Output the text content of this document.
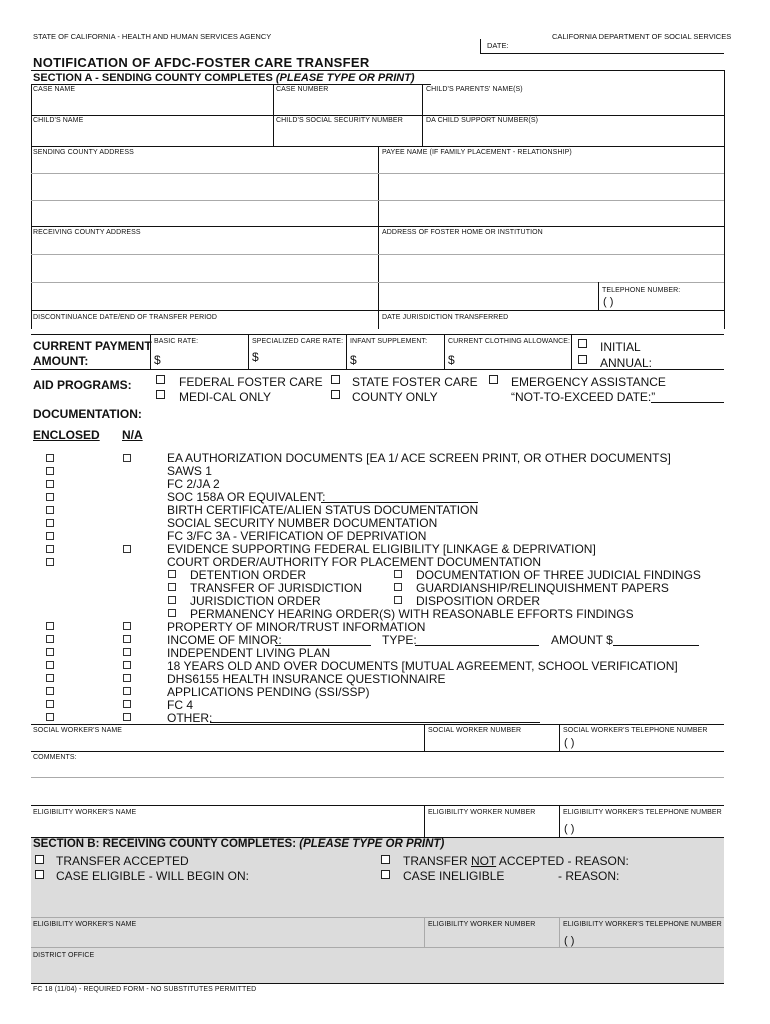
STATE OF CALIFORNIA - HEALTH AND HUMAN SERVICES AGENCY	CALIFORNIA DEPARTMENT OF SOCIAL SERVICES
DATE:
NOTIFICATION OF AFDC-FOSTER CARE TRANSFER
SECTION A - SENDING COUNTY COMPLETES (PLEASE TYPE OR PRINT)
CASE NAME	CASE NUMBER	CHILD'S PARENTS' NAME(S)
CHILD'S NAME	CHILD'S SOCIAL SECURITY NUMBER	DA CHILD SUPPORT NUMBER(S)
SENDING COUNTY ADDRESS	PAYEE NAME (IF FAMILY PLACEMENT - RELATIONSHIP)
RECEIVING COUNTY ADDRESS	ADDRESS OF FOSTER HOME OR INSTITUTION
TELEPHONE NUMBER:
( )
DISCONTINUANCE DATE/END OF TRANSFER PERIOD	DATE JURISDICTION TRANSFERRED
CURRENT PAYMENT
AMOUNT:
BASIC RATE:
$
SPECIALIZED CARE RATE:
$
INFANT SUPPLEMENT:
$
CURRENT CLOTHING ALLOWANCE:
$
INITIAL
ANNUAL:
AID PROGRAMS:	FEDERAL FOSTER CARE STATE FOSTER CARE	EMERGENCY ASSISTANCE
MEDI-CAL ONLY	COUNTY ONLY	“NOT-TO-EXCEED DATE:”
DOCUMENTATION:
ENCLOSED N/A
EA AUTHORIZATION DOCUMENTS [EA 1/ ACE SCREEN PRINT, OR OTHER DOCUMENTS]
SAWS 1
FC 2/JA 2
SOC 158A OR EQUIVALENT:
BIRTH CERTIFICATE/ALIEN STATUS DOCUMENTATION
SOCIAL SECURITY NUMBER DOCUMENTATION
FC 3/FC 3A - VERIFICATION OF DEPRIVATION
EVIDENCE SUPPORTING FEDERAL ELIGIBILITY [LINKAGE & DEPRIVATION]
COURT ORDER/AUTHORITY FOR PLACEMENT DOCUMENTATION
DETENTION ORDER	DOCUMENTATION OF THREE JUDICIAL FINDINGS
TRANSFER OF JURISDICTION	GUARDIANSHIP/RELINQUISHMENT PAPERS
JURISDICTION ORDER	DISPOSITION ORDER
PERMANENCY HEARING ORDER(S) WITH REASONABLE EFFORTS FINDINGS
PROPERTY OF MINOR/TRUST INFORMATION
INCOME OF MINOR:	TYPE:	AMOUNT $
INDEPENDENT LIVING PLAN
18 YEARS OLD AND OVER DOCUMENTS [MUTUAL AGREEMENT, SCHOOL VERIFICATION]
DHS6155 HEALTH INSURANCE QUESTIONNAIRE
APPLICATIONS PENDING (SSI/SSP)
FC 4
OTHER:
SOCIAL WORKER'S NAME	SOCIAL WORKER NUMBER	SOCIAL WORKER'S TELEPHONE NUMBER
( )
COMMENTS:
ELIGIBILITY WORKER'S NAME	ELIGIBILITY WORKER NUMBER	ELIGIBILITY WORKER'S TELEPHONE NUMBER
( )
SECTION B: RECEIVING COUNTY COMPLETES: (PLEASE TYPE OR PRINT)
TRANSFER ACCEPTED
CASE ELIGIBLE - WILL BEGIN ON:
TRANSFER NOT ACCEPTED - REASON:
CASE INELIGIBLE	- REASON:
ELIGIBILITY WORKER'S NAME	ELIGIBILITY WORKER NUMBER	ELIGIBILITY WORKER'S TELEPHONE NUMBER
( )
DISTRICT OFFICE
FC 18 (11/04) - REQUIRED FORM - NO SUBSTITUTES PERMITTED
